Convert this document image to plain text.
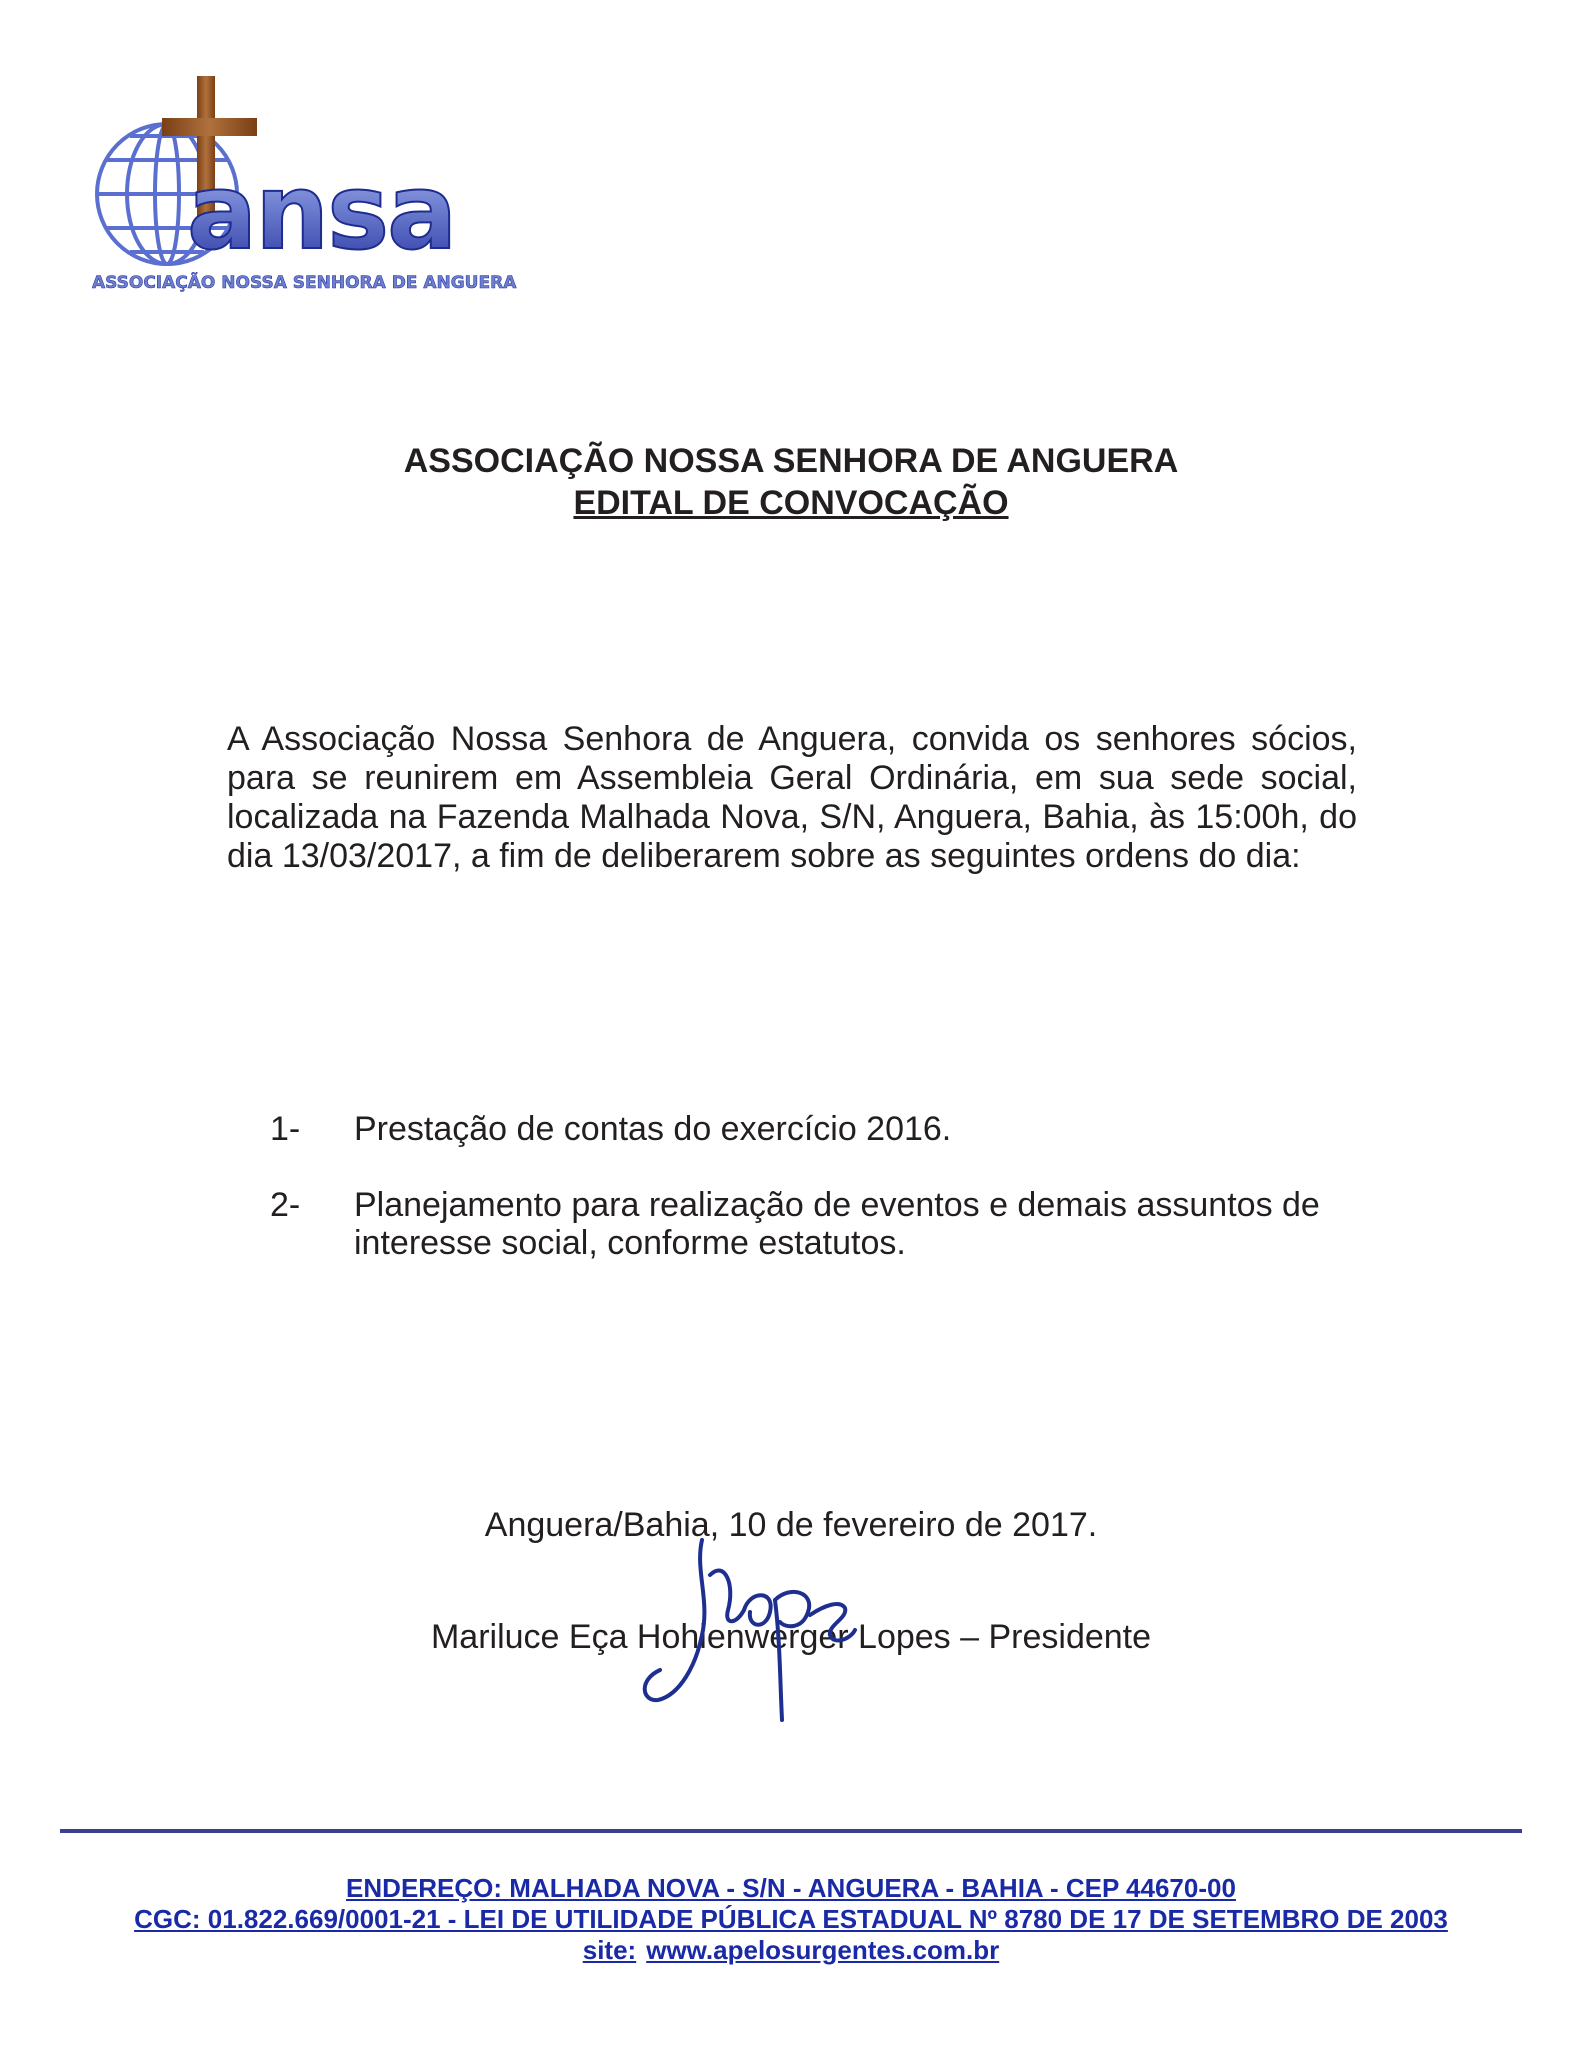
ansa
ASSOCIAÇÃO NOSSA SENHORA DE ANGUERA
ASSOCIAÇÃO NOSSA SENHORA DE ANGUERA
EDITAL DE CONVOCAÇÃO
A Associação Nossa Senhora de Anguera, convida os senhores sócios, para se reunirem em Assembleia Geral Ordinária, em sua sede social, localizada na Fazenda Malhada Nova, S/N, Anguera, Bahia, às 15:00h, do dia 13/03/2017, a fim de deliberarem sobre as seguintes ordens do dia:
1- Prestação de contas do exercício 2016.
2- Planejamento para realização de eventos e demais assuntos de interesse social, conforme estatutos.
Anguera/Bahia, 10 de fevereiro de 2017.
Mariluce Eça Hohlenwerger Lopes – Presidente
ENDEREÇO: MALHADA NOVA - S/N - ANGUERA - BAHIA - CEP 44670-00
CGC: 01.822.669/0001-21 - LEI DE UTILIDADE PÚBLICA ESTADUAL Nº 8780 DE 17 DE SETEMBRO DE 2003
site: www.apelosurgentes.com.br
